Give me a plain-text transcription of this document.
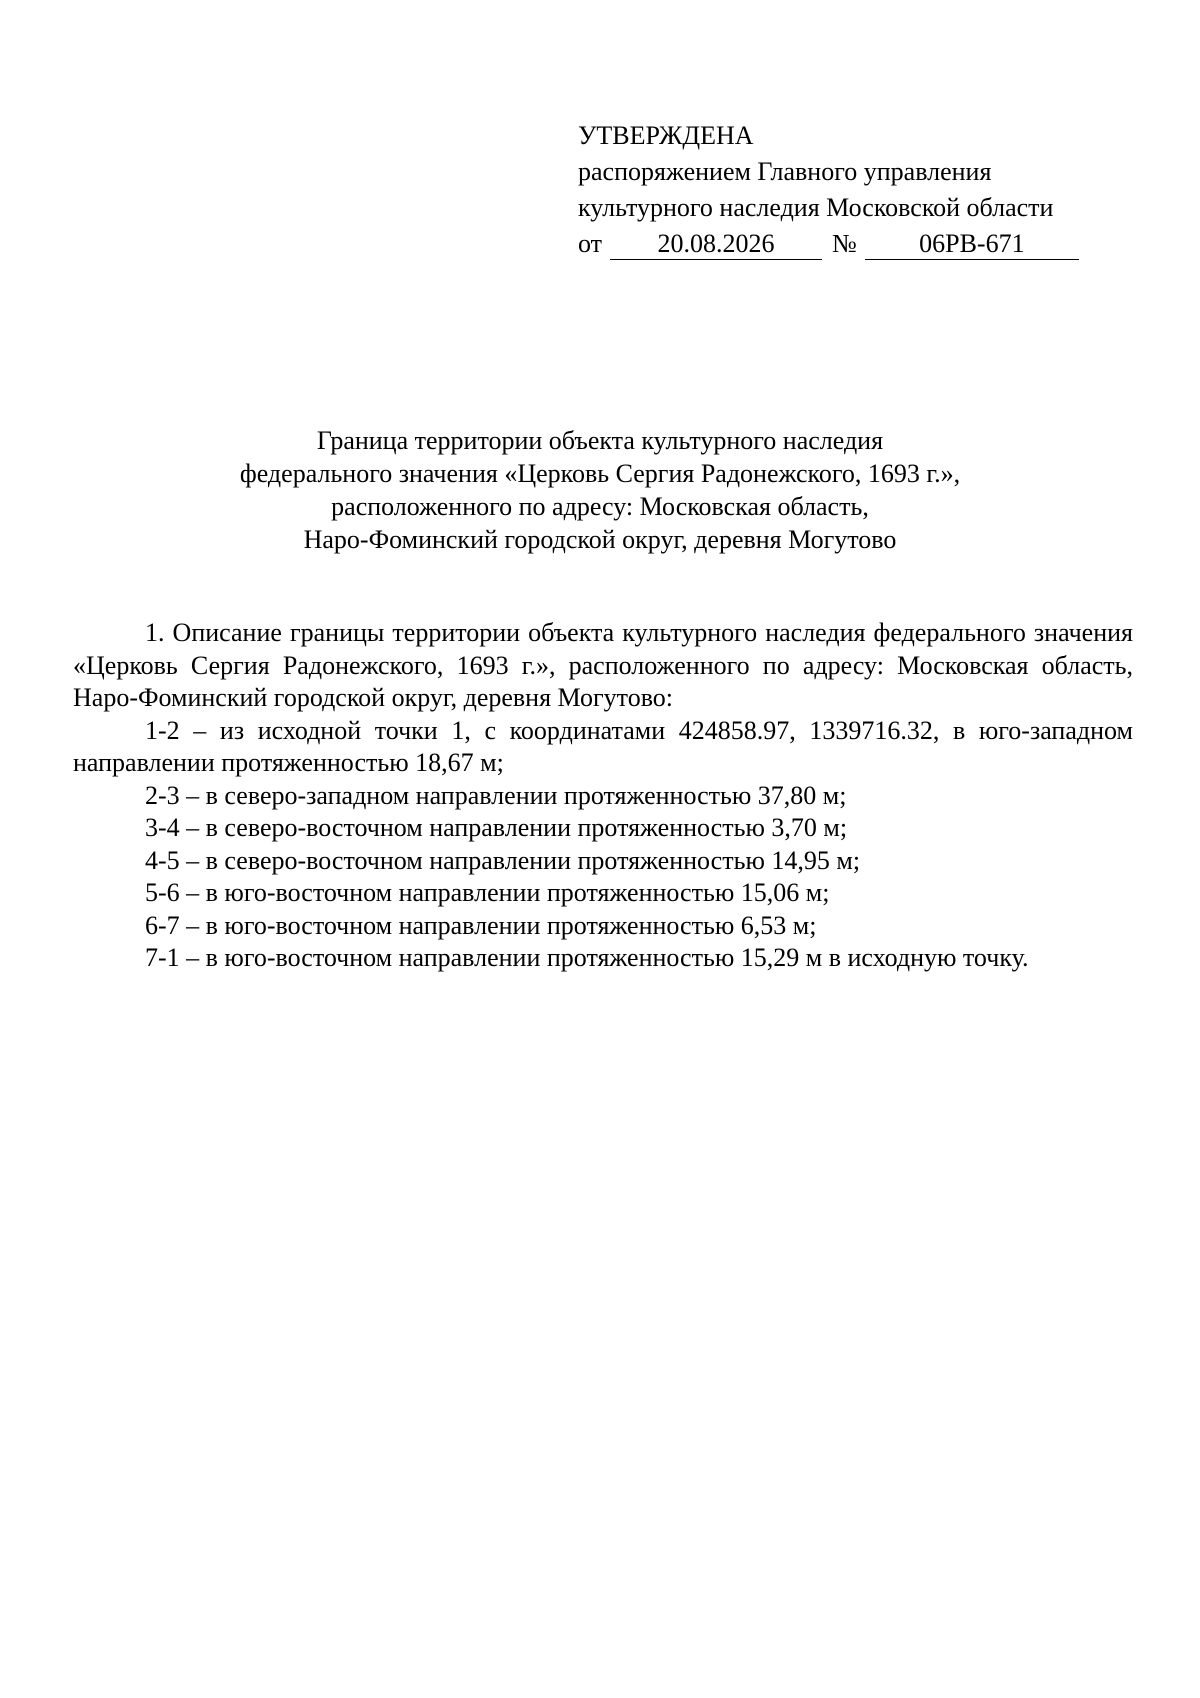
УТВЕРЖДЕНА
распоряжением Главного управления
культурного наследия Московской области
от	20.08.2026	№	06РВ-671
Граница территории объекта культурного наследия
федерального значения «Церковь Сергия Радонежского, 1693 г.»,
расположенного по адресу: Московская область,
Наро-Фоминский городской округ, деревня Могутово

1. Описание границы территории объекта культурного наследия федерального значения «Церковь Сергия Радонежского, 1693 г.», расположенного по адресу: Московская область, Наро-Фоминский городской округ, деревня Могутово:

1-2 – из исходной точки 1, с координатами 424858.97, 1339716.32, в юго-западном направлении протяженностью 18,67 м;

2-3 – в северо-западном направлении протяженностью 37,80 м;

3-4 – в северо-восточном направлении протяженностью 3,70 м;

4-5 – в северо-восточном направлении протяженностью 14,95 м;

5-6 – в юго-восточном направлении протяженностью 15,06 м;

6-7 – в юго-восточном направлении протяженностью 6,53 м;

7-1 – в юго-восточном направлении протяженностью 15,29 м в исходную точку.
